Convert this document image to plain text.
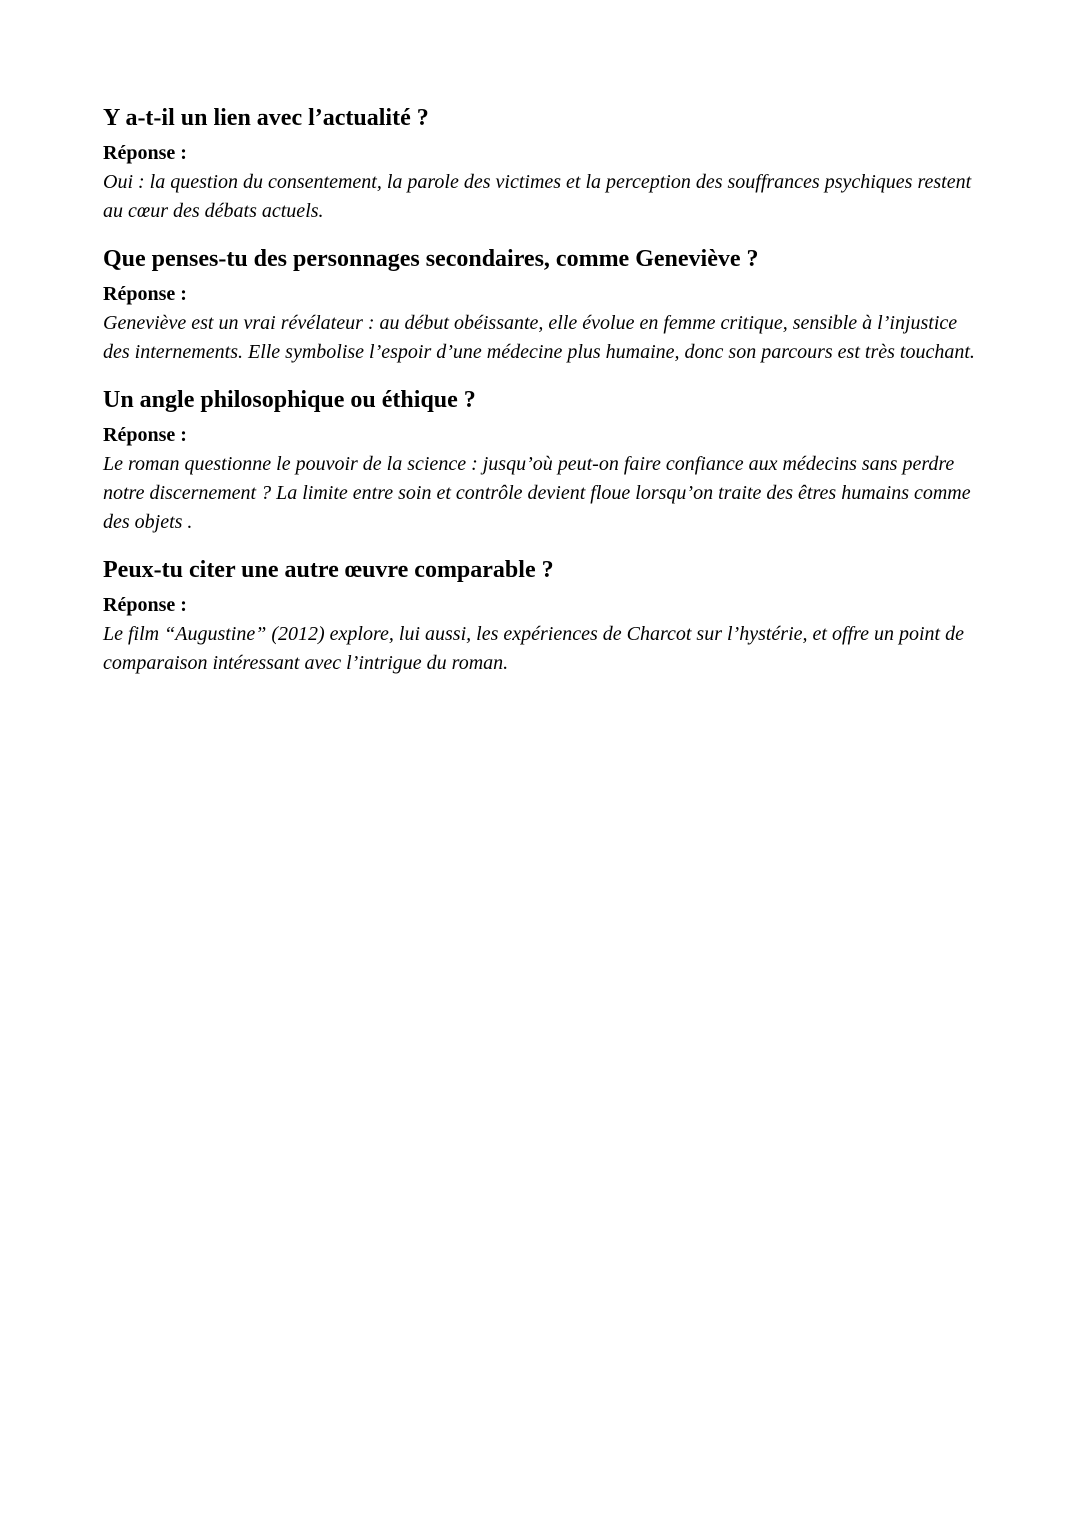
Y a-t-il un lien avec l’actualité ?
Réponse :

Oui : la question du consentement, la parole des victimes et la perception des souffrances psychiques restent au cœur des débats actuels.

Que penses-tu des personnages secondaires, comme Geneviève ?
Réponse :

Geneviève est un vrai révélateur : au début obéissante, elle évolue en femme critique, sensible à l’injustice des internements. Elle symbolise l’espoir d’une médecine plus humaine, donc son parcours est très touchant.

Un angle philosophique ou éthique ?
Réponse :

Le roman questionne le pouvoir de la science : jusqu’où peut-on faire confiance aux médecins sans perdre notre discernement ? La limite entre soin et contrôle devient floue lorsqu’on traite des êtres humains comme des objets .

Peux-tu citer une autre œuvre comparable ?
Réponse :

Le film “Augustine” (2012) explore, lui aussi, les expériences de Charcot sur l’hystérie, et offre un point de comparaison intéressant avec l’intrigue du roman.
